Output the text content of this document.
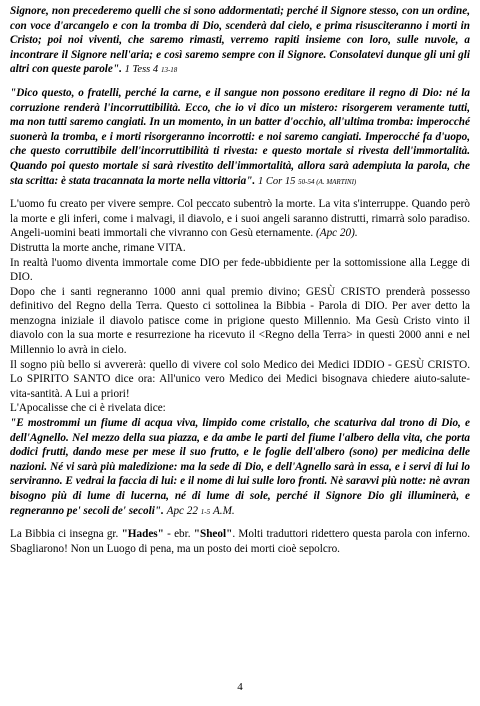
Signore, non precederemo quelli che si sono addormentati; perché il Signore stesso, con un ordine, con voce d'arcangelo e con la tromba di Dio, scenderà dal cielo, e prima risusciteranno i morti in Cristo; poi noi viventi, che saremo rimasti, verremo rapiti insieme con loro, sulle nuvole, a incontrare il Signore nell'aria; e così saremo sempre con il Signore. Consolatevi dunque gli uni gli altri con queste parole". 1 Tess 4 13-18

"Dico questo, o fratelli, perché la carne, e il sangue non possono ereditare il regno di Dio: né la corruzione renderà l'incorruttibilità. Ecco, che io vi dico un mistero: risorgerem veramente tutti, ma non tutti saremo cangiati. In un momento, in un batter d'occhio, all'ultima tromba: imperocché suonerà la tromba, e i morti risorgeranno incorrotti: e noi saremo cangiati. Imperocché fa d'uopo, che questo corruttibile dell'incorruttibilità ti rivesta: e questo mortale si rivesta dell'immortalità. Quando poi questo mortale si sarà rivestito dell'immortalità, allora sarà adempiuta la parola, che sta scritta: è stata tracannata la morte nella vittoria". 1 Cor 15 50-54 (A. MARTINI)

L'uomo fu creato per vivere sempre. Col peccato subentrò la morte. La vita s'interruppe. Quando però la morte e gli inferi, come i malvagi, il diavolo, e i suoi angeli saranno distrutti, rimarrà solo paradiso. Angeli-uomini beati immortali che vivranno con Gesù eternamente. (Apc 20).

Distrutta la morte anche, rimane VITA.

In realtà l'uomo diventa immortale come DIO per fede-ubbidiente per la sottomissione alla Legge di DIO.

Dopo che i santi regneranno 1000 anni qual premio divino; GESÙ CRISTO prenderà possesso definitivo del Regno della Terra. Questo ci sottolinea la Bibbia - Parola di DIO. Per aver detto la menzogna iniziale il diavolo patisce come in prigione questo Millennio. Ma Gesù Cristo vinto il diavolo con la sua morte e resurrezione ha ricevuto il <Regno della Terra> in questi 2000 anni e nel Millennio lo avrà in cielo.

Il sogno più bello si avvererà: quello di vivere col solo Medico dei Medici IDDIO - GESÙ CRISTO. Lo SPIRITO SANTO dice ora: All'unico vero Medico dei Medici bisognava chiedere aiuto-salute-vita-santità. A Lui a priori!

L'Apocalisse che ci è rivelata dice:

"E mostrommi un fiume di acqua viva, limpido come cristallo, che scaturiva dal trono di Dio, e dell'Agnello. Nel mezzo della sua piazza, e da ambe le parti del fiume l'albero della vita, che porta dodici frutti, dando mese per mese il suo frutto, e le foglie dell'albero (sono) per medicina delle nazioni. Né vi sarà più maledizione: ma la sede di Dio, e dell'Agnello sarà in essa, e i servi di lui lo serviranno. E vedrai la faccia di lui: e il nome di lui sulle loro fronti. Nè saravvi più notte: nè avran bisogno più di lume di lucerna, né di lume di sole, perché il Signore Dio gli illuminerà, e regneranno pe' secoli de' secoli". Apc 22 1-5 A.M.

La Bibbia ci insegna gr. "Hades" - ebr. "Sheol". Molti traduttori ridettero questa parola con inferno. Sbagliarono! Non un Luogo di pena, ma un posto dei morti cioè sepolcro.

4
